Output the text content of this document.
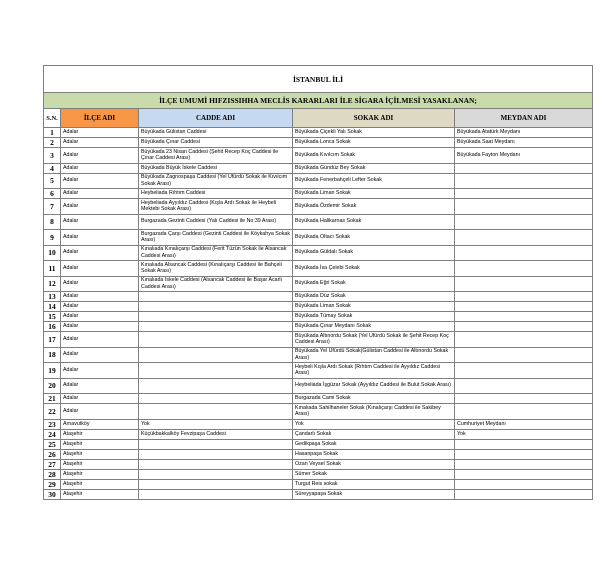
İSTANBUL İLİ				
İLÇE UMUMİ HIFZISSIHHA MECLİS KARARLARI İLE SİGARA İÇİLMESİ YASAKLANAN;				
S.N.	İLÇE ADI	CADDE ADI	SOKAK ADI	MEYDAN ADI
1	Adalar	Büyükada Gülistan Caddesi	Büyükada Çiçekli Yalı Sokak	Büyükada Atatürk Meydanı
2	Adalar	Büyükada Çınar Caddesi	Büyükada Lonca Sokak	Büyükada Saat Meydanı
3	Adalar	Büyükada 23 Nisan Caddesi (Şehit Recep Koç Caddesi ile Çınar Caddesi Arası)	Büyükada Kıvılcım Sokak	Büyükada Fayton Meydanı
4	Adalar	Büyükada Büyük İskele Caddesi	Büyükada Gündüz Bey Sokak	
5	Adalar	Büyükada Zagnospaşa Caddesi (Yel Ufürdü Sokak ile Kıvılcım Sokak Arası)	Büyükada Fenerbahçeli Lefter Sokak	
6	Adalar	Heybeliada Rıhtım Caddesi	Büyükada Liman Sokak	
7	Adalar	Heybeliada Ayyıldız Caddesi (Kışla Ardı Sokak ile Heybeli Mektebi Sokak Arası)	Büyükada Özdemir Sokak	
8	Adalar	Burgazada Gezinti Caddesi (Yalı Caddesi ile No:39 Arası)	Büyükada Halikarnas Sokak	
9	Adalar	Burgazada Çarşı Caddesi (Gezinti Caddesi ile Köykahya Sokak Arası)	Büyükada Oltacı Sokak	
10	Adalar	Kınalıada Kınalıçarşı Caddesi (Ferit Tüzün Sokak ile Alsancak Caddesi Arası)	Büyükada Güldalı Sokak	
11	Adalar	Kınalıada Alsancak Caddesi (Kınalıçarşı Caddesi ile Bahçeli Sokak Arası)	Büyükada İsa Çelebi Sokak	
12	Adalar	Kınalıada İskele Caddesi (Alsancak Caddesi ile Başar Acarlı Caddesi Arası)	Büyükada Eğri Sokak	
13	Adalar		Büyükada Düz Sokak	
14	Adalar		Büyükada Liman Sokak	
15	Adalar		Büyükada Tümay Sokak	
16	Adalar		Büyükada Çınar Meydanı Sokak	
17	Adalar		Büyükada Altınordu Sokak (Yel Ufürdü Sokak ile Şehit Recep Koç Caddesi Arası)	
18	Adalar		Büyükada Yel Ufürdü Sokak(Gülistan Caddesi ile Altınordu Sokak Arası)	
19	Adalar		Heybeli Kışla Ardı Sokak (Rıhtım Caddesi ile Ayyıldız Caddesi Arası)	
20	Adalar		Heybeliada İşgüzar Sokak (Ayyıldız Caddesi ile Bulut Sokak Arası)	
21	Adalar		Burgazada Cami Sokak	
22	Adalar		Kınalıada Sahilhaneler Sokak (Kınalıçarşı Caddesi ile Sakibey Arası)	
23	Arnavutköy	Yok	Yok	Cumhuriyet Meydanı
24	Ataşehir	Küçükbakkalköy Fevzipaşa Caddesi	Çandarlı Sokak	Yok
25	Ataşehir		Gedikpaşa Sokak	
26	Ataşehir		Hasanpaşa Sokak	
27	Ataşehir		Ozan Veysel Sokak	
28	Ataşehir		Sümer Sokak	
29	Ataşehir		Turgut Reis sokak	
30	Ataşehir		Süreyyapaşa Sokak	
